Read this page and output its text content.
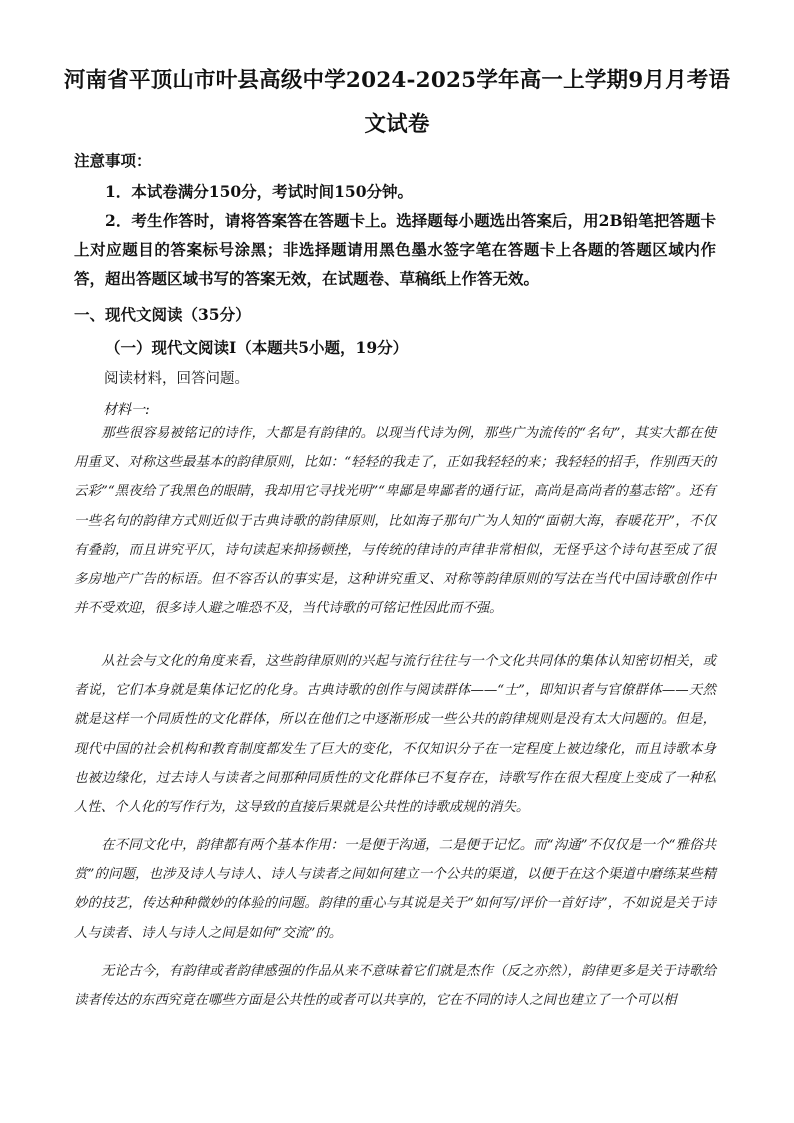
河南省平顶山市叶县高级中学2024-2025学年高一上学期9月月考语
文试卷
注意事项：
1．本试卷满分150分，考试时间150分钟。
2．考生作答时，请将答案答在答题卡上。选择题每小题选出答案后，用2B铅笔把答题卡上对应题目的答案标号涂黑；非选择题请用黑色墨水签字笔在答题卡上各题的答题区域内作答，超出答题区域书写的答案无效，在试题卷、草稿纸上作答无效。
一、现代文阅读（35分）
（一）现代文阅读Ⅰ（本题共5小题，19分）
阅读材料，回答问题。
材料一:
那些很容易被铭记的诗作，大都是有韵律的。以现当代诗为例，那些广为流传的“名句”，其实大都在使用重叉、对称这些最基本的韵律原则，比如：“轻轻的我走了，正如我轻轻的来；我轻轻的招手，作别西天的云彩”“黑夜给了我黑色的眼睛，我却用它寻找光明”“卑鄙是卑鄙者的通行证，高尚是高尚者的墓志铭”。还有一些名句的韵律方式则近似于古典诗歌的韵律原则，比如海子那句广为人知的“面朝大海，春暖花开”，不仅有叠韵，而且讲究平仄，诗句读起来抑扬顿挫，与传统的律诗的声律非常相似，无怪乎这个诗句甚至成了很多房地产广告的标语。但不容否认的事实是，这种讲究重叉、对称等韵律原则的写法在当代中国诗歌创作中并不受欢迎，很多诗人避之唯恐不及，当代诗歌的可铭记性因此而不强。
从社会与文化的角度来看，这些韵律原则的兴起与流行往往与一个文化共同体的集体认知密切相关，或者说，它们本身就是集体记忆的化身。古典诗歌的创作与阅读群体——“士”，即知识者与官僚群体——天然就是这样一个同质性的文化群体，所以在他们之中逐渐形成一些公共的韵律规则是没有太大问题的。但是，现代中国的社会机构和教育制度都发生了巨大的变化，不仅知识分子在一定程度上被边缘化，而且诗歌本身也被边缘化，过去诗人与读者之间那种同质性的文化群体已不复存在，诗歌写作在很大程度上变成了一种私人性、个人化的写作行为，这导致的直接后果就是公共性的诗歌成规的消失。
在不同文化中，韵律都有两个基本作用：一是便于沟通，二是便于记忆。而“沟通”不仅仅是一个“雅俗共赏”的问题，也涉及诗人与诗人、诗人与读者之间如何建立一个公共的渠道，以便于在这个渠道中磨练某些精妙的技艺，传达种种微妙的体验的问题。韵律的重心与其说是关于“如何写/评价一首好诗”，不如说是关于诗人与读者、诗人与诗人之间是如何“交流”的。
无论古今，有韵律或者韵律感强的作品从来不意味着它们就是杰作（反之亦然），韵律更多是关于诗歌给读者传达的东西究竟在哪些方面是公共性的或者可以共享的，它在不同的诗人之间也建立了一个可以相
